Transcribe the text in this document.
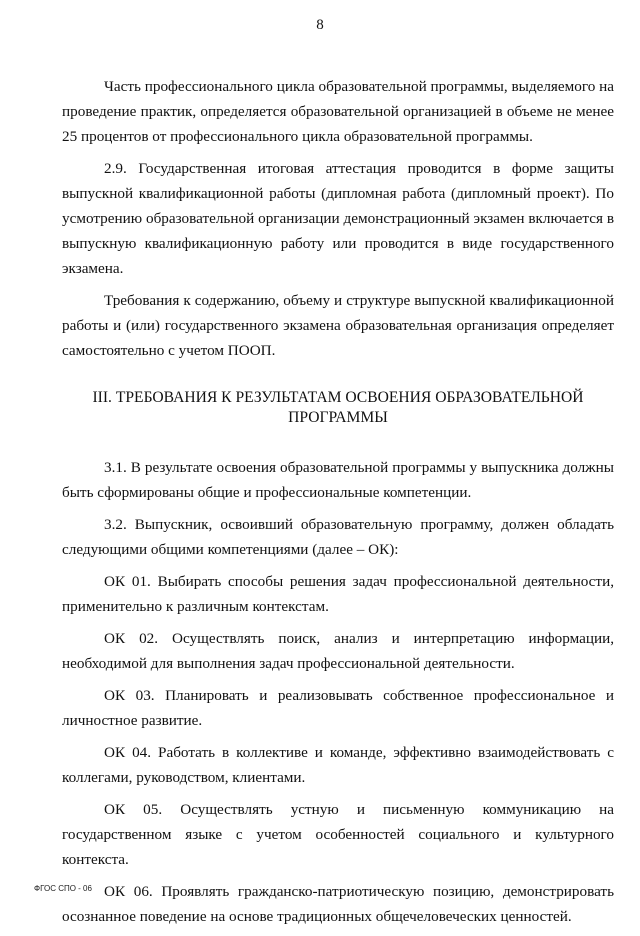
8

Часть профессионального цикла образовательной программы, выделяемого на проведение практик, определяется образовательной организацией в объеме не менее 25 процентов от профессионального цикла образовательной программы.

2.9. Государственная итоговая аттестация проводится в форме защиты выпускной квалификационной работы (дипломная работа (дипломный проект). По усмотрению образовательной организации демонстрационный экзамен включается в выпускную квалификационную работу или проводится в виде государственного экзамена.

Требования к содержанию, объему и структуре выпускной квалификационной работы и (или) государственного экзамена образовательная организация определяет самостоятельно с учетом ПООП.

III. ТРЕБОВАНИЯ К РЕЗУЛЬТАТАМ ОСВОЕНИЯ ОБРАЗОВАТЕЛЬНОЙ ПРОГРАММЫ

3.1. В результате освоения образовательной программы у выпускника должны быть сформированы общие и профессиональные компетенции.

3.2. Выпускник, освоивший образовательную программу, должен обладать следующими общими компетенциями (далее – ОК):

ОК 01. Выбирать способы решения задач профессиональной деятельности, применительно к различным контекстам.

ОК 02. Осуществлять поиск, анализ и интерпретацию информации, необходимой для выполнения задач профессиональной деятельности.

ОК 03. Планировать и реализовывать собственное профессиональное и личностное развитие.

ОК 04. Работать в коллективе и команде, эффективно взаимодействовать с коллегами, руководством, клиентами.

ОК 05. Осуществлять устную и письменную коммуникацию на государственном языке с учетом особенностей социального и культурного контекста.

ОК 06. Проявлять гражданско-патриотическую позицию, демонстрировать осознанное поведение на основе традиционных общечеловеческих ценностей.

ФГОС СПО - 06
